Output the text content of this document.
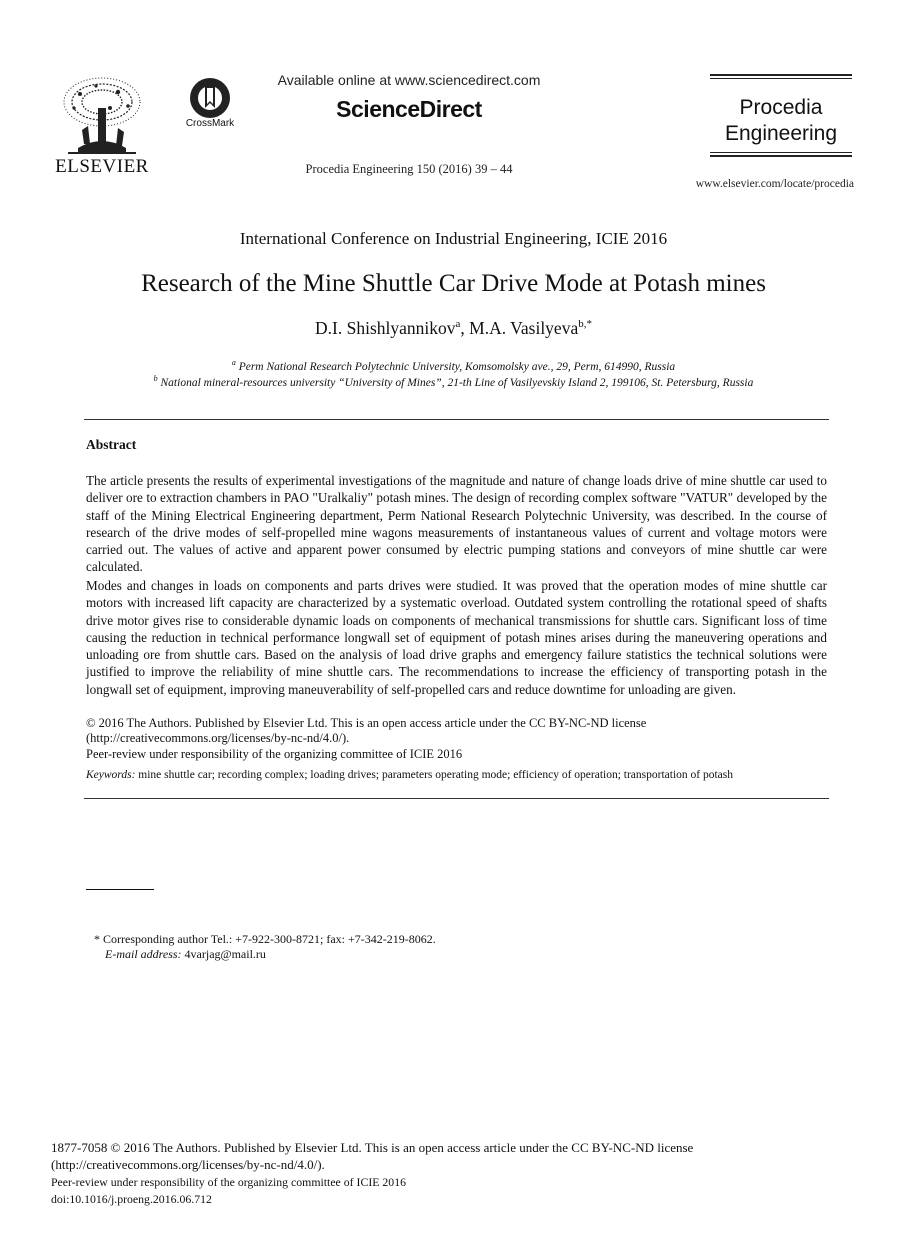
ELSEVIER
CrossMark
Available online at www.sciencedirect.com
ScienceDirect
Procedia Engineering 150 (2016) 39 – 44
Procedia
Engineering
www.elsevier.com/locate/procedia
International Conference on Industrial Engineering, ICIE 2016
Research of the Mine Shuttle Car Drive Mode at Potash mines
D.I. Shishlyannikov$^a$, M.A. Vasilyeva$^{b,*}$
$^a$ Perm National Research Polytechnic University, Komsomolsky ave., 29, Perm, 614990, Russia
$^b$ National mineral-resources university “University of Mines”, 21-th Line of Vasilyevskiy Island 2, 199106, St. Petersburg, Russia
Abstract
The article presents the results of experimental investigations of the magnitude and nature of change loads drive of mine shuttle car used to deliver ore to extraction chambers in PAO "Uralkaliy" potash mines. The design of recording complex software "VATUR" developed by the staff of the Mining Electrical Engineering department, Perm National Research Polytechnic University, was described. In the course of research of the drive modes of self-propelled mine wagons measurements of instantaneous values of current and voltage motors were carried out. The values of active and apparent power consumed by electric pumping stations and conveyors of mine shuttle car were calculated.
Modes and changes in loads on components and parts drives were studied. It was proved that the operation modes of mine shuttle car motors with increased lift capacity are characterized by a systematic overload. Outdated system controlling the rotational speed of shafts drive motor gives rise to considerable dynamic loads on components of mechanical transmissions for shuttle cars. Significant loss of time causing the reduction in technical performance longwall set of equipment of potash mines arises during the maneuvering operations and unloading ore from shuttle cars. Based on the analysis of load drive graphs and emergency failure statistics the technical solutions were justified to improve the reliability of mine shuttle cars. The recommendations to increase the efficiency of transporting potash in the longwall set of equipment, improving maneuverability of self-propelled cars and reduce downtime for unloading are given.
© 2016 The Authors. Published by Elsevier Ltd. This is an open access article under the CC BY-NC-ND license
(http://creativecommons.org/licenses/by-nc-nd/4.0/).
Peer-review under responsibility of the organizing committee of ICIE 2016
Keywords: mine shuttle car; recording complex; loading drives; parameters operating mode; efficiency of operation; transportation of potash
* Corresponding author Tel.: +7-922-300-8721; fax: +7-342-219-8062.
E-mail address: 4varjag@mail.ru
1877-7058 © 2016 The Authors. Published by Elsevier Ltd. This is an open access article under the CC BY-NC-ND license
(http://creativecommons.org/licenses/by-nc-nd/4.0/).
Peer-review under responsibility of the organizing committee of ICIE 2016
doi:10.1016/j.proeng.2016.06.712
